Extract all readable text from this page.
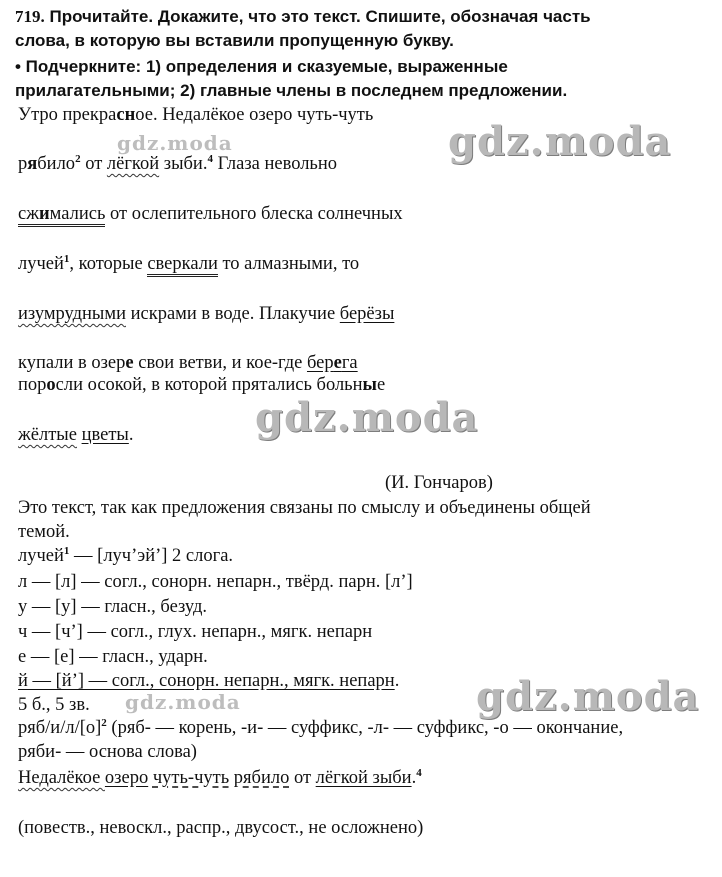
719. Прочитайте. Докажите, что это текст. Спишите, обозначая часть
слова, в которую вы вставили пропущенную букву.
• Подчеркните: 1) определения и сказуемые, выраженные
прилагательными; 2) главные члены в последнем предложении.
Утро прекрасное. Недалёкое озеро чуть-чуть
рябило$^2$ от лёгкой зыби.$^4$ Глаза невольно
сжимались от ослепительного блеска солнечных
лучей$^1$, которые сверкали то алмазными, то
изумрудными искрами в воде. Плакучие берёзы
купали в озере свои ветви, и кое-где берега
поросли осокой, в которой прятались больные
жёлтые цветы.
(И. Гончаров)
Это текст, так как предложения связаны по смыслу и объединены общей
темой.
лучей$^1$ — [луч’эй’] 2 слога.
л — [л] — согл., сонорн. непарн., твёрд. парн. [л’]
у — [у] — гласн., безуд.
ч — [ч’] — согл., глух. непарн., мягк. непарн
е — [е] — гласн., ударн.
й — [й’] — согл., сонорн. непарн., мягк. непарн.
5 б., 5 зв.
ряб/$и/л/[о]^2$ (ряб- — корень, -и- — суффикс, -л- — суффикс, -о — окончание,
ряби- — основа слова)
Недалёкое озеро чуть-чуть рябило от лёгкой зыби.$^4$
(повеств., невоскл., распр., двусост., не осложнено)
gdz.moda
gdz.moda
gdz.moda
gdz.moda
gdz.moda
